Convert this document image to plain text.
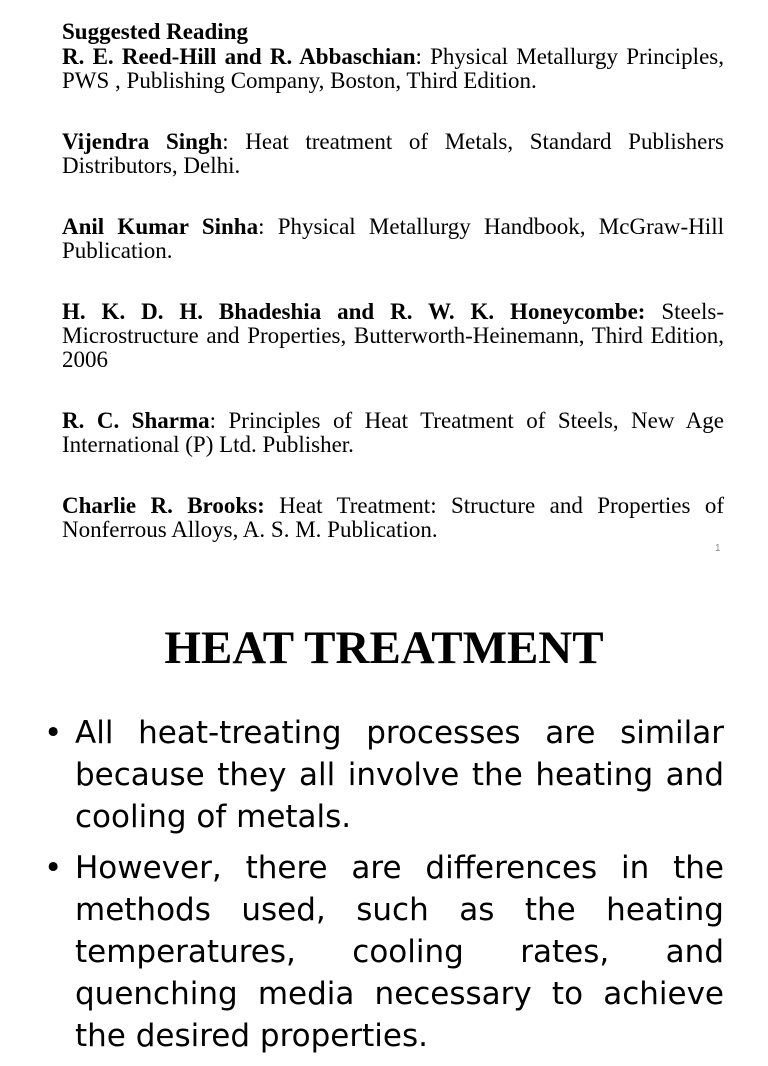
Suggested Reading

R. E. Reed-Hill and R. Abbaschian: Physical Metallurgy Principles, PWS , Publishing Company, Boston, Third Edition.

Vijendra Singh: Heat treatment of Metals, Standard Publishers Distributors, Delhi.

Anil Kumar Sinha: Physical Metallurgy Handbook, McGraw-Hill Publication.

H. K. D. H. Bhadeshia and R. W. K. Honeycombe: Steels-Microstructure and Properties, Butterworth-Heinemann, Third Edition, 2006

R. C. Sharma: Principles of Heat Treatment of Steels, New Age International (P) Ltd. Publisher.

Charlie R. Brooks: Heat Treatment: Structure and Properties of Nonferrous Alloys, A. S. M. Publication.

1
HEAT TREATMENT
• All heat-treating processes are similar because they all involve the heating and cooling of metals.
• However, there are differences in the methods used, such as the heating temperatures, cooling rates, and quenching media necessary to achieve the desired properties.
